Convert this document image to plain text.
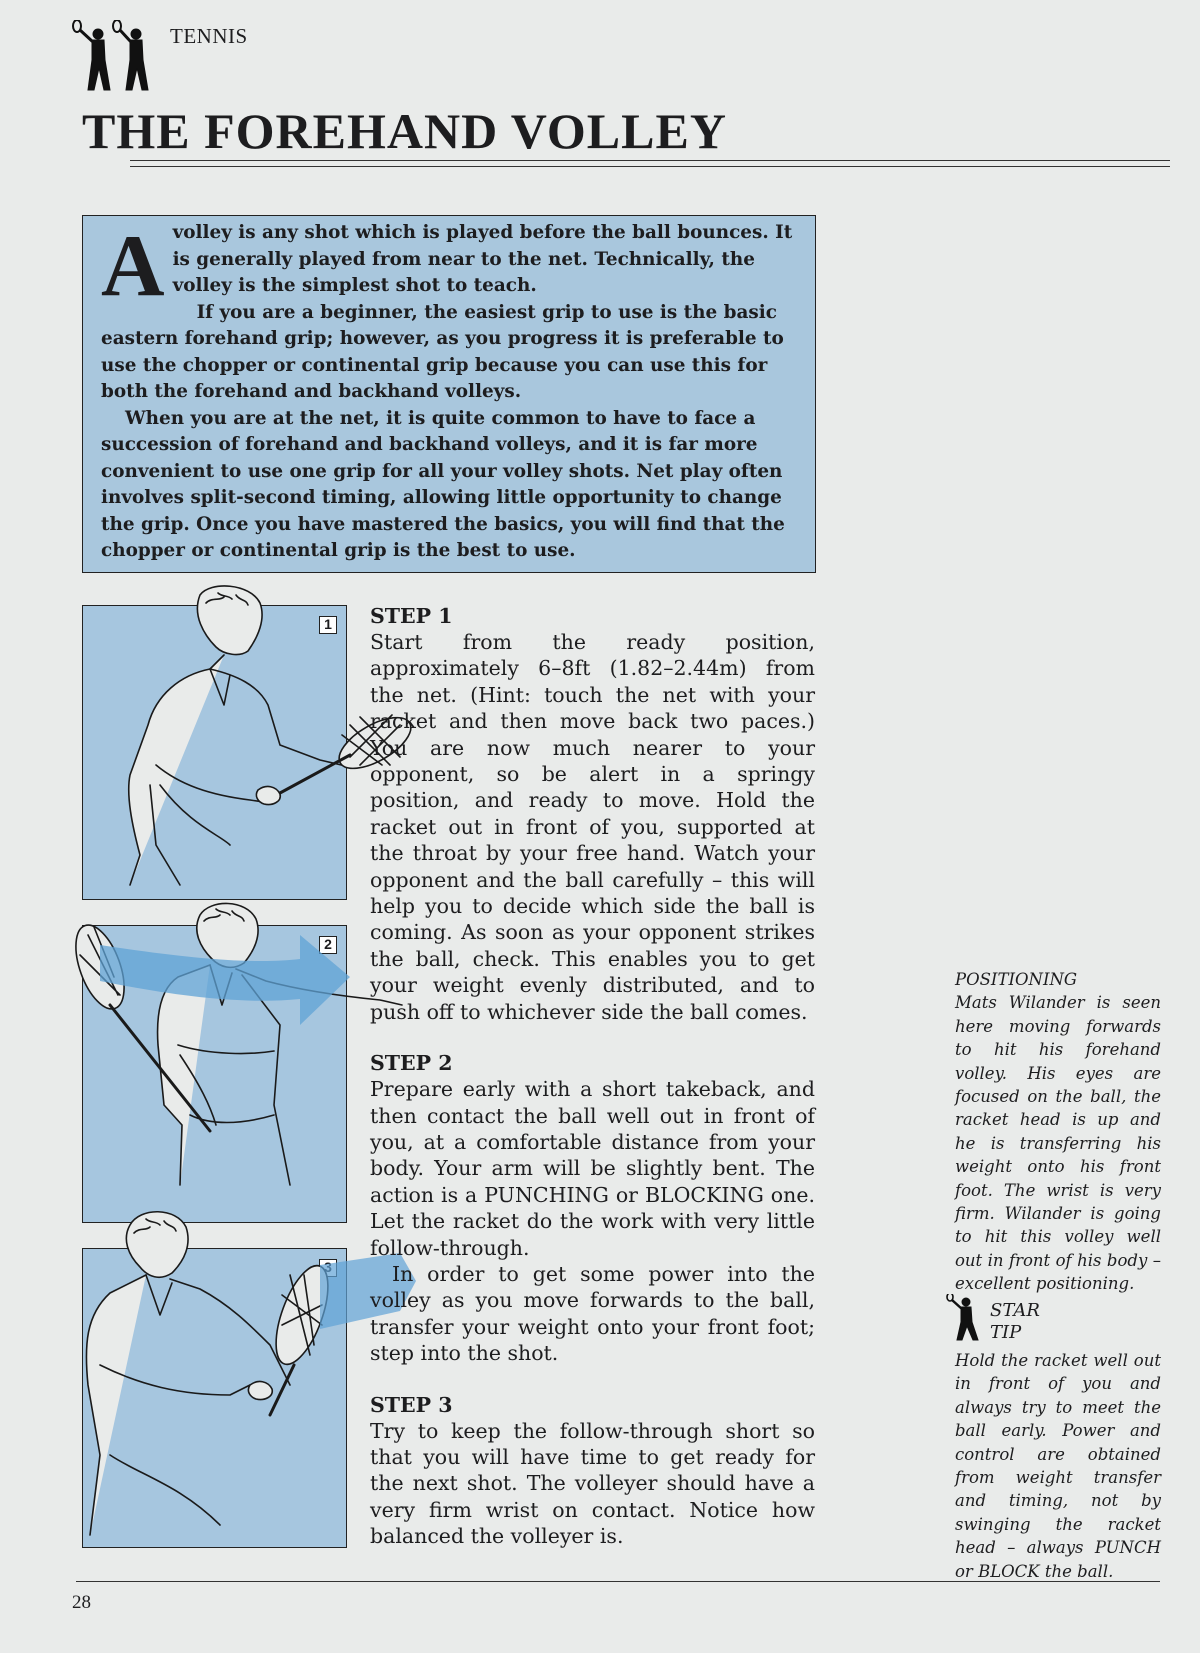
TENNIS
THE FOREHAND VOLLEY
A volley is any shot which is played before the ball bounces. It is generally played from near to the net. Technically, the volley is the simplest shot to teach.

If you are a beginner, the easiest grip to use is the basic eastern forehand grip; however, as you progress it is preferable to use the chopper or continental grip because you can use this for both the forehand and backhand volleys.

When you are at the net, it is quite common to have to face a succession of forehand and backhand volleys, and it is far more convenient to use one grip for all your volley shots. Net play often involves split-second timing, allowing little opportunity to change the grip. Once you have mastered the basics, you will find that the chopper or continental grip is the best to use.

1
2
STEP 1

Start from the ready position, approximately 6–8ft (1.82–2.44m) from the net. (Hint: touch the net with your racket and then move back two paces.) You are now much nearer to your opponent, so be alert in a springy position, and ready to move. Hold the racket out in front of you, supported at the throat by your free hand. Watch your opponent and the ball carefully – this will help you to decide which side the ball is coming. As soon as your opponent strikes the ball, check. This enables you to get your weight evenly distributed, and to push off to whichever side the ball comes.

STEP 2

Prepare early with a short takeback, and then contact the ball well out in front of you, at a comfortable distance from your body. Your arm will be slightly bent. The action is a PUNCHING or BLOCKING one. Let the racket do the work with very little follow-through.

In order to get some power into the volley as you move forwards to the ball, transfer your weight onto your front foot; step into the shot.

STEP 3

Try to keep the follow-through short so that you will have time to get ready for the next shot. The volleyer should have a very firm wrist on contact. Notice how balanced the volleyer is.

POSITIONING

Mats Wilander is seen here moving forwards to hit his forehand volley. His eyes are focused on the ball, the racket head is up and he is transferring his weight onto his front foot. The wrist is very firm. Wilander is going to hit this volley well out in front of his body – excellent positioning.

STAR
TIP
Hold the racket well out in front of you and always try to meet the ball early. Power and control are obtained from weight transfer and timing, not by swinging the racket head – always PUNCH or BLOCK the ball.
28
